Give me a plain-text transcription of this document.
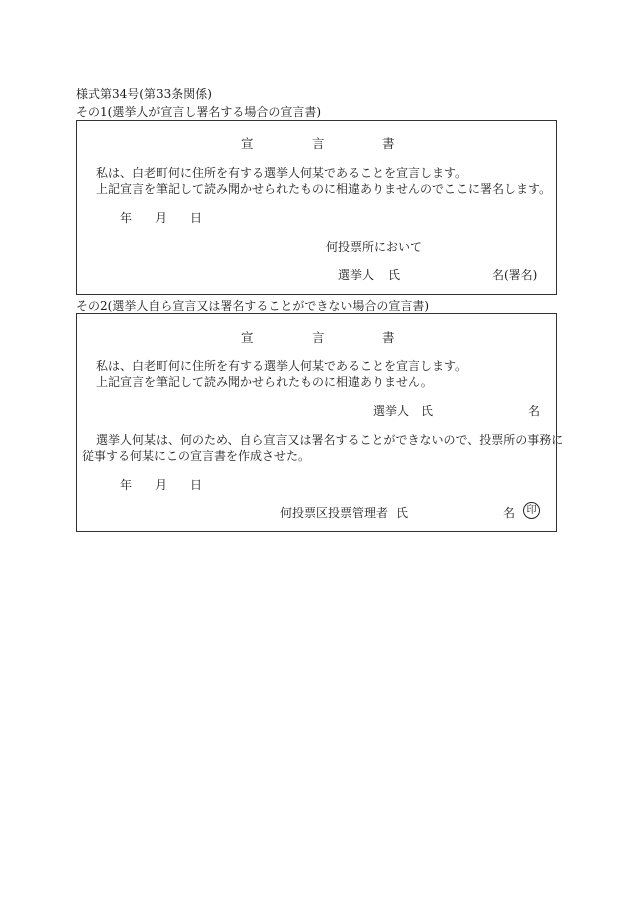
様式第34号(第33条関係)
その1(選挙人が宣言し署名する場合の宣言書)
宣	言	書
私は、白老町何に住所を有する選挙人何某であることを宣言します。
上記宣言を筆記して読み聞かせられたものに相違ありませんのでここに署名します。
年 月 日
何投票所において
選挙人 氏	名(署名)
その2(選挙人自ら宣言又は署名することができない場合の宣言書)
宣	言	書
私は、白老町何に住所を有する選挙人何某であることを宣言します。
上記宣言を筆記して読み聞かせられたものに相違ありません。
選挙人 氏	名
選挙人何某は、何のため、自ら宣言又は署名することができないので、投票所の事務に
従事する何某にこの宣言書を作成させた。
年 月 日
何投票区投票管理者 氏	名	印
